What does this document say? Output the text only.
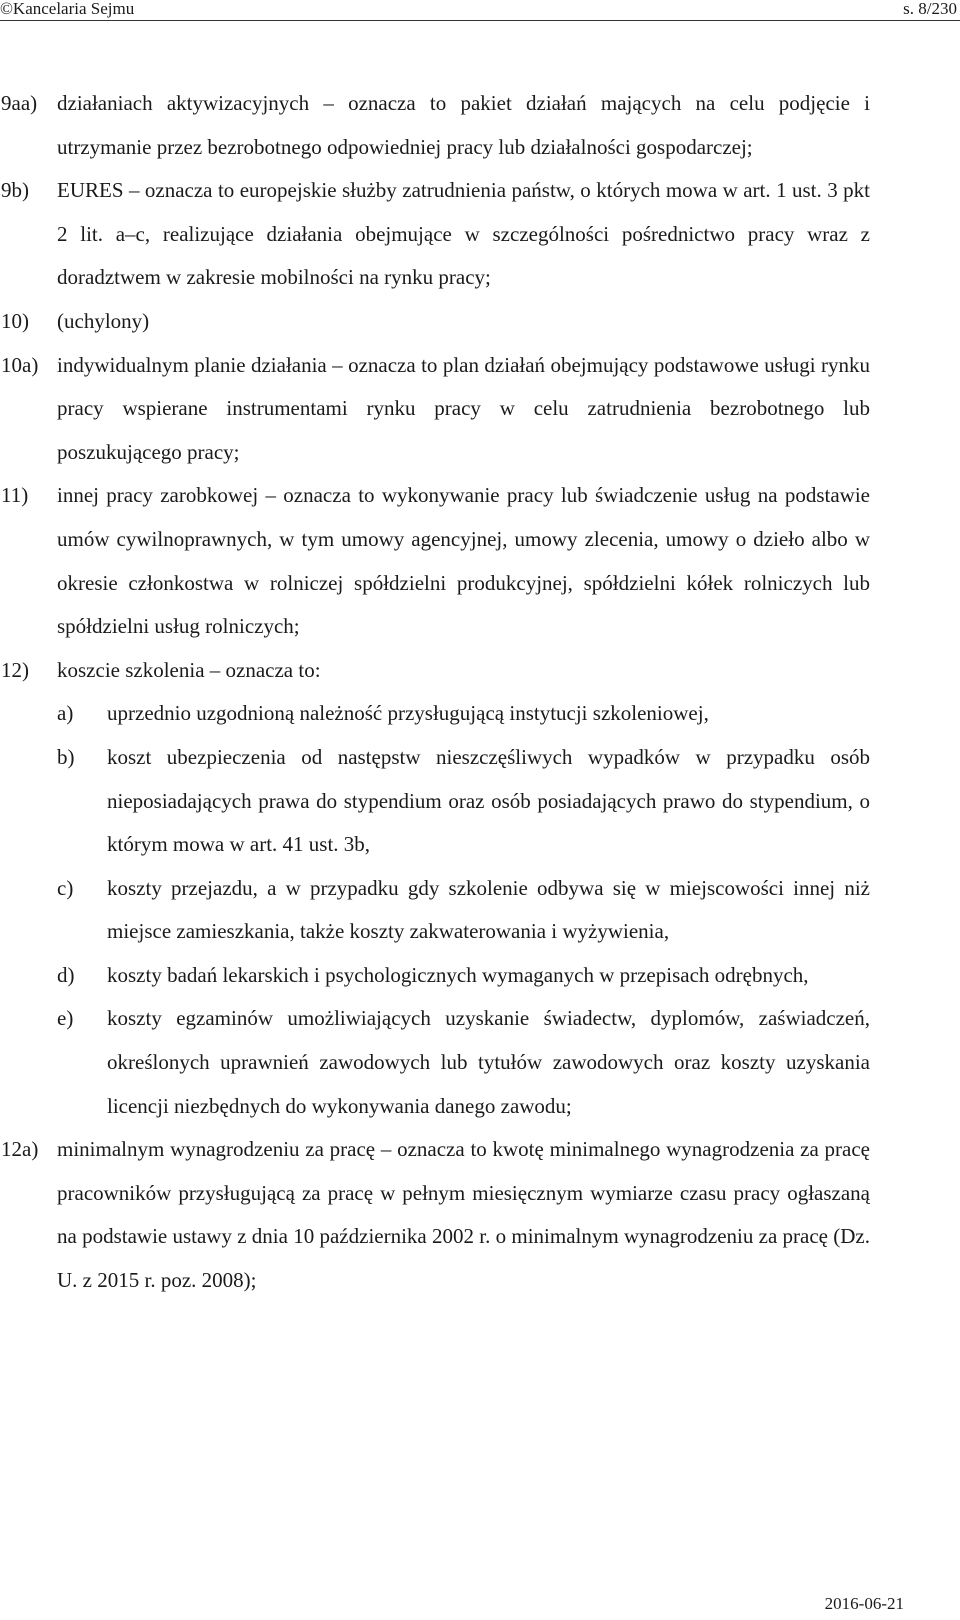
©Kancelaria Sejmu	s. 8/230
9aa) działaniach aktywizacyjnych – oznacza to pakiet działań mających na celu podjęcie i utrzymanie przez bezrobotnego odpowiedniej pracy lub działalności gospodarczej;
9b) EURES – oznacza to europejskie służby zatrudnienia państw, o których mowa w art. 1 ust. 3 pkt 2 lit. a–c, realizujące działania obejmujące w szczególności pośrednictwo pracy wraz z doradztwem w zakresie mobilności na rynku pracy;
10) (uchylony)
10a) indywidualnym planie działania – oznacza to plan działań obejmujący podstawowe usługi rynku pracy wspierane instrumentami rynku pracy w celu zatrudnienia bezrobotnego lub poszukującego pracy;
11) innej pracy zarobkowej – oznacza to wykonywanie pracy lub świadczenie usług na podstawie umów cywilnoprawnych, w tym umowy agencyjnej, umowy zlecenia, umowy o dzieło albo w okresie członkostwa w rolniczej spółdzielni produkcyjnej, spółdzielni kółek rolniczych lub spółdzielni usług rolniczych;
12) koszcie szkolenia – oznacza to:
a) uprzednio uzgodnioną należność przysługującą instytucji szkoleniowej,
b) koszt ubezpieczenia od następstw nieszczęśliwych wypadków w przypadku osób nieposiadających prawa do stypendium oraz osób posiadających prawo do stypendium, o którym mowa w art. 41 ust. 3b,
c) koszty przejazdu, a w przypadku gdy szkolenie odbywa się w miejscowości innej niż miejsce zamieszkania, także koszty zakwaterowania i wyżywienia,
d) koszty badań lekarskich i psychologicznych wymaganych w przepisach odrębnych,
e) koszty egzaminów umożliwiających uzyskanie świadectw, dyplomów, zaświadczeń, określonych uprawnień zawodowych lub tytułów zawodowych oraz koszty uzyskania licencji niezbędnych do wykonywania danego zawodu;
12a) minimalnym wynagrodzeniu za pracę – oznacza to kwotę minimalnego wynagrodzenia za pracę pracowników przysługującą za pracę w pełnym miesięcznym wymiarze czasu pracy ogłaszaną na podstawie ustawy z dnia 10 października 2002 r. o minimalnym wynagrodzeniu za pracę (Dz. U. z 2015 r. poz. 2008);
2016-06-21
